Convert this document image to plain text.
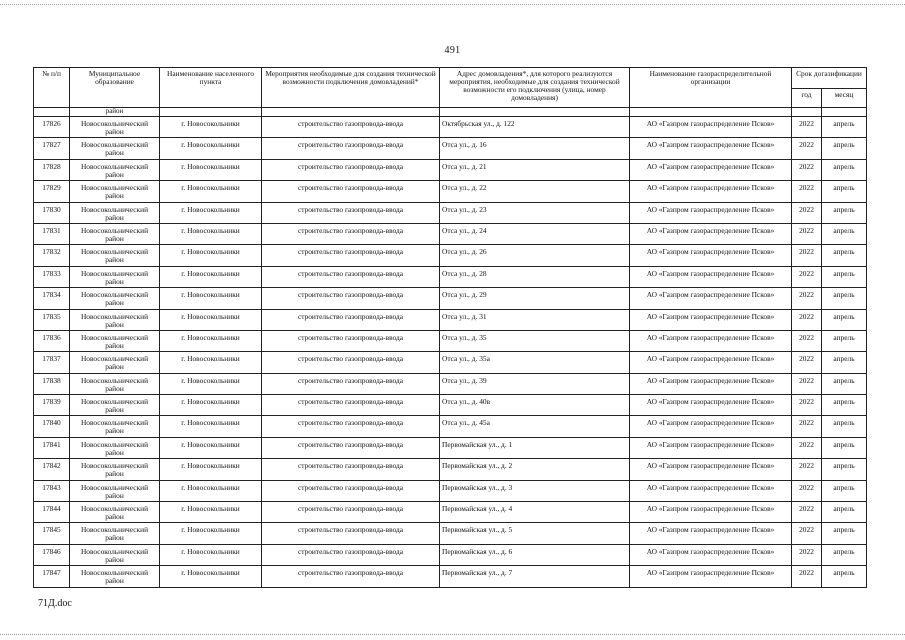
491
№ п/п	Муниципальное образование	Наименование населенного пункта	Мероприятия необходимые для создания технической возможности подключения домовладений*	Адрес домовладения*, для которого реализуются мероприятия, необходимые для создания технической возможности его подключения (улица, номер домовладения)	Наименование газораспределительной организации	Срок догазификации	
						год	месяц
	район						
17826	Новосокольнический район	г. Новосокольники	строительство газопровода-ввода	Октябрьская ул., д. 122	АО «Газпром газораспределение Псков»	2022	апрель
17827	Новосокольнический район	г. Новосокольники	строительство газопровода-ввода	Отса ул., д. 16	АО «Газпром газораспределение Псков»	2022	апрель
17828	Новосокольнический район	г. Новосокольники	строительство газопровода-ввода	Отса ул., д. 21	АО «Газпром газораспределение Псков»	2022	апрель
17829	Новосокольнический район	г. Новосокольники	строительство газопровода-ввода	Отса ул., д. 22	АО «Газпром газораспределение Псков»	2022	апрель
17830	Новосокольнический район	г. Новосокольники	строительство газопровода-ввода	Отса ул., д. 23	АО «Газпром газораспределение Псков»	2022	апрель
17831	Новосокольнический район	г. Новосокольники	строительство газопровода-ввода	Отса ул., д. 24	АО «Газпром газораспределение Псков»	2022	апрель
17832	Новосокольнический район	г. Новосокольники	строительство газопровода-ввода	Отса ул., д. 26	АО «Газпром газораспределение Псков»	2022	апрель
17833	Новосокольнический район	г. Новосокольники	строительство газопровода-ввода	Отса ул., д. 28	АО «Газпром газораспределение Псков»	2022	апрель
17834	Новосокольнический район	г. Новосокольники	строительство газопровода-ввода	Отса ул., д. 29	АО «Газпром газораспределение Псков»	2022	апрель
17835	Новосокольнический район	г. Новосокольники	строительство газопровода-ввода	Отса ул., д. 31	АО «Газпром газораспределение Псков»	2022	апрель
17836	Новосокольнический район	г. Новосокольники	строительство газопровода-ввода	Отса ул., д. 35	АО «Газпром газораспределение Псков»	2022	апрель
17837	Новосокольнический район	г. Новосокольники	строительство газопровода-ввода	Отса ул., д. 35а	АО «Газпром газораспределение Псков»	2022	апрель
17838	Новосокольнический район	г. Новосокольники	строительство газопровода-ввода	Отса ул., д. 39	АО «Газпром газораспределение Псков»	2022	апрель
17839	Новосокольнический район	г. Новосокольники	строительство газопровода-ввода	Отса ул., д. 40в	АО «Газпром газораспределение Псков»	2022	апрель
17840	Новосокольнический район	г. Новосокольники	строительство газопровода-ввода	Отса ул., д. 45а	АО «Газпром газораспределение Псков»	2022	апрель
17841	Новосокольнический район	г. Новосокольники	строительство газопровода-ввода	Первомайская ул., д. 1	АО «Газпром газораспределение Псков»	2022	апрель
17842	Новосокольнический район	г. Новосокольники	строительство газопровода-ввода	Первомайская ул., д. 2	АО «Газпром газораспределение Псков»	2022	апрель
17843	Новосокольнический район	г. Новосокольники	строительство газопровода-ввода	Первомайская ул., д. 3	АО «Газпром газораспределение Псков»	2022	апрель
17844	Новосокольнический район	г. Новосокольники	строительство газопровода-ввода	Первомайская ул., д. 4	АО «Газпром газораспределение Псков»	2022	апрель
17845	Новосокольнический район	г. Новосокольники	строительство газопровода-ввода	Первомайская ул., д. 5	АО «Газпром газораспределение Псков»	2022	апрель
17846	Новосокольнический район	г. Новосокольники	строительство газопровода-ввода	Первомайская ул., д. 6	АО «Газпром газораспределение Псков»	2022	апрель
17847	Новосокольнический район	г. Новосокольники	строительство газопровода-ввода	Первомайская ул., д. 7	АО «Газпром газораспределение Псков»	2022	апрель
71Д.doc
